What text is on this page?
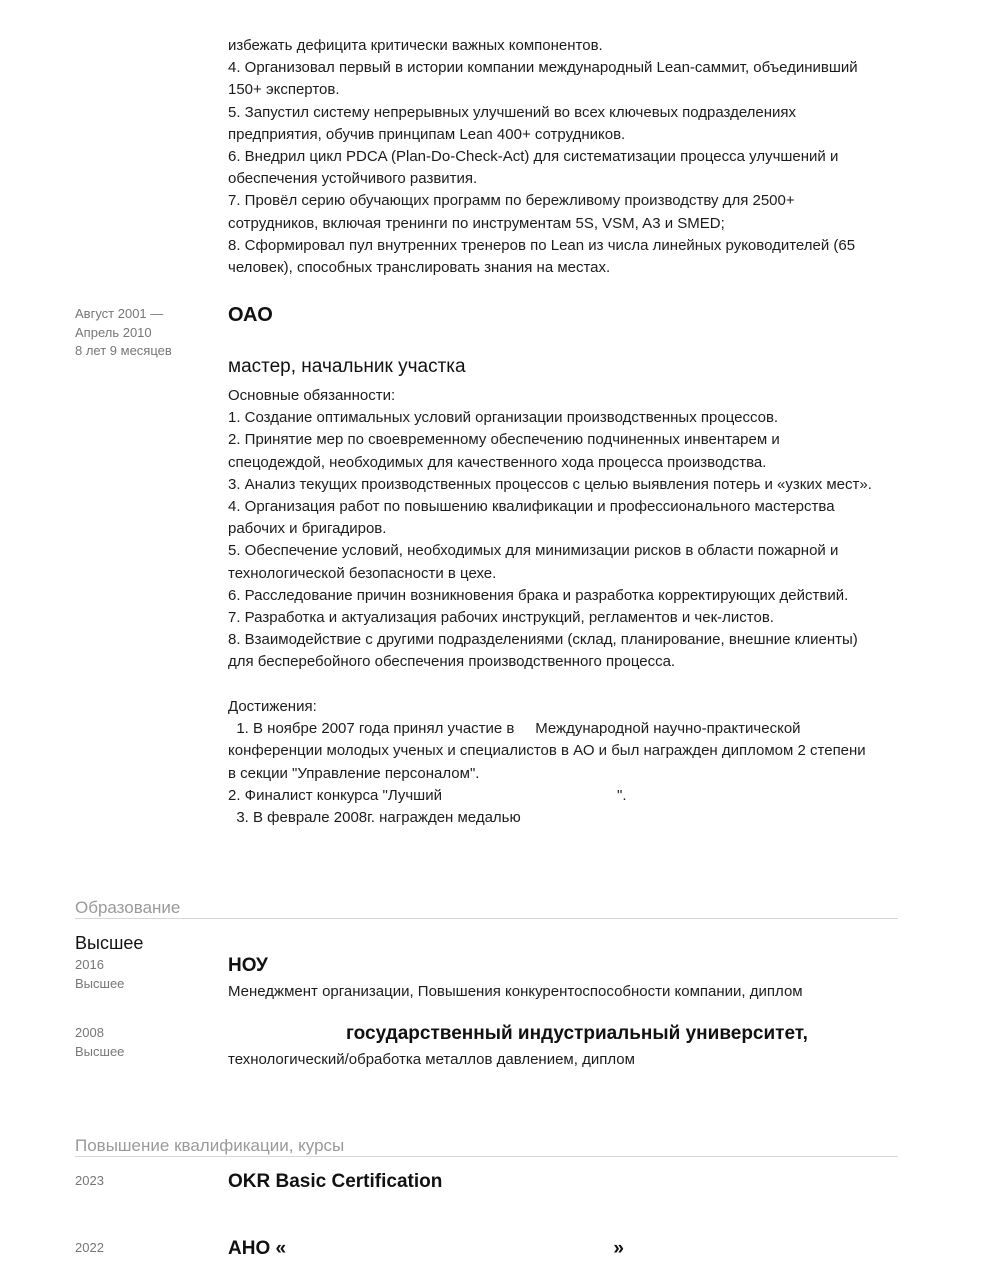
избежать дефицита критически важных компонентов.
4. Организовал первый в истории компании международный Lean-саммит, объединивший
150+ экспертов.
5. Запустил систему непрерывных улучшений во всех ключевых подразделениях
предприятия, обучив принципам Lean 400+ сотрудников.
6. Внедрил цикл PDCA (Plan-Do-Check-Act) для систематизации процесса улучшений и
обеспечения устойчивого развития.
7. Провёл серию обучающих программ по бережливому производству для 2500+
сотрудников, включая тренинги по инструментам 5S, VSM, A3 и SMED;
8. Сформировал пул внутренних тренеров по Lean из числа линейных руководителей (65
человек), способных транслировать знания на местах.
Август 2001 —
Апрель 2010
8 лет 9 месяцев
ОАО
мастер, начальник участка
Основные обязанности:
1. Создание оптимальных условий организации производственных процессов.
2. Принятие мер по своевременному обеспечению подчиненных инвентарем и
спецодеждой, необходимых для качественного хода процесса производства.
3. Анализ текущих производственных процессов с целью выявления потерь и «узких мест».
4. Организация работ по повышению квалификации и профессионального мастерства
рабочих и бригадиров.
5. Обеспечение условий, необходимых для минимизации рисков в области пожарной и
технологической безопасности в цехе.
6. Расследование причин возникновения брака и разработка корректирующих действий.
7. Разработка и актуализация рабочих инструкций, регламентов и чек-листов.
8. Взаимодействие с другими подразделениями (склад, планирование, внешние клиенты)
для бесперебойного обеспечения производственного процесса.
Достижения:
1. В ноябре 2007 года принял участие в     Международной научно-практической
конференции молодых ученых и специалистов в АО и был награжден дипломом 2 степени
в секции "Управление персоналом".
2. Финалист конкурса "Лучший                                          ".
3. В феврале 2008г. награжден медалью
Образование
Высшее
2016
Высшее
НОУ
Менеджмент организации, Повышения конкурентоспособности компании, диплом
2008
Высшее
государственный индустриальный университет,
технологический/обработка металлов давлением, диплом
Повышение квалификации, курсы
2023	OKR Basic Certification
2022	АНО «                                                              »
